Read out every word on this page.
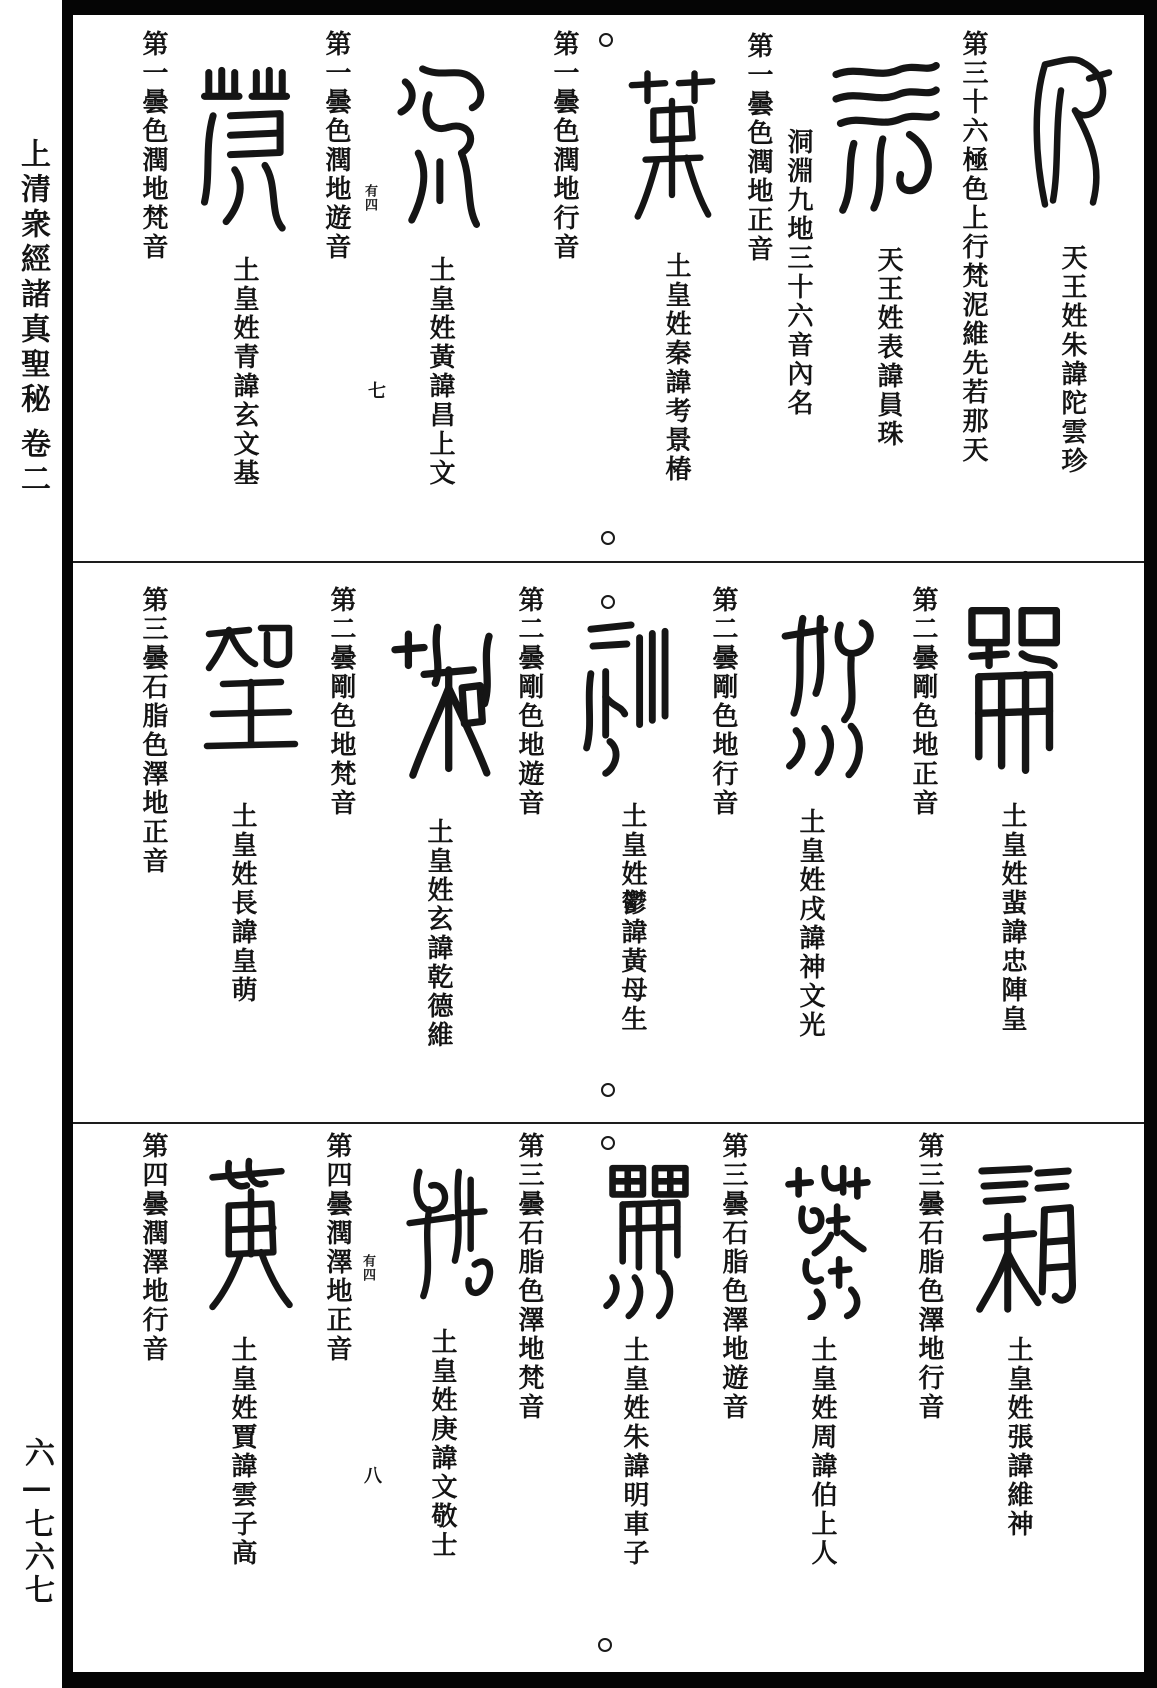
上清衆經諸真聖秘
卷二
六—七六七
天王姓朱諱陀雲珍
第三十六極色上行梵泥維先若那天
天王姓表諱員珠
洞淵九地三十六音內名
第一曇色潤地正音
土皇姓秦諱考景椿
第一曇色潤地行音
有四
土皇姓黃諱昌上文
七
第一曇色潤地遊音
土皇姓青諱玄文基
第一曇色潤地梵音
土皇姓蜚諱忠陣皇
第二曇剛色地正音
土皇姓戌諱神文光
第二曇剛色地行音
土皇姓鬱諱黃母生
第二曇剛色地遊音
土皇姓玄諱乾德維
第二曇剛色地梵音
土皇姓長諱皇萌
第三曇石脂色澤地正音
土皇姓張諱維神
第三曇石脂色澤地行音
土皇姓周諱伯上人
第三曇石脂色澤地遊音
土皇姓朱諱明車子
第三曇石脂色澤地梵音
有四
土皇姓庚諱文敬士
第四曇潤澤地正音
八
土皇姓賈諱雲子高
第四曇潤澤地行音
